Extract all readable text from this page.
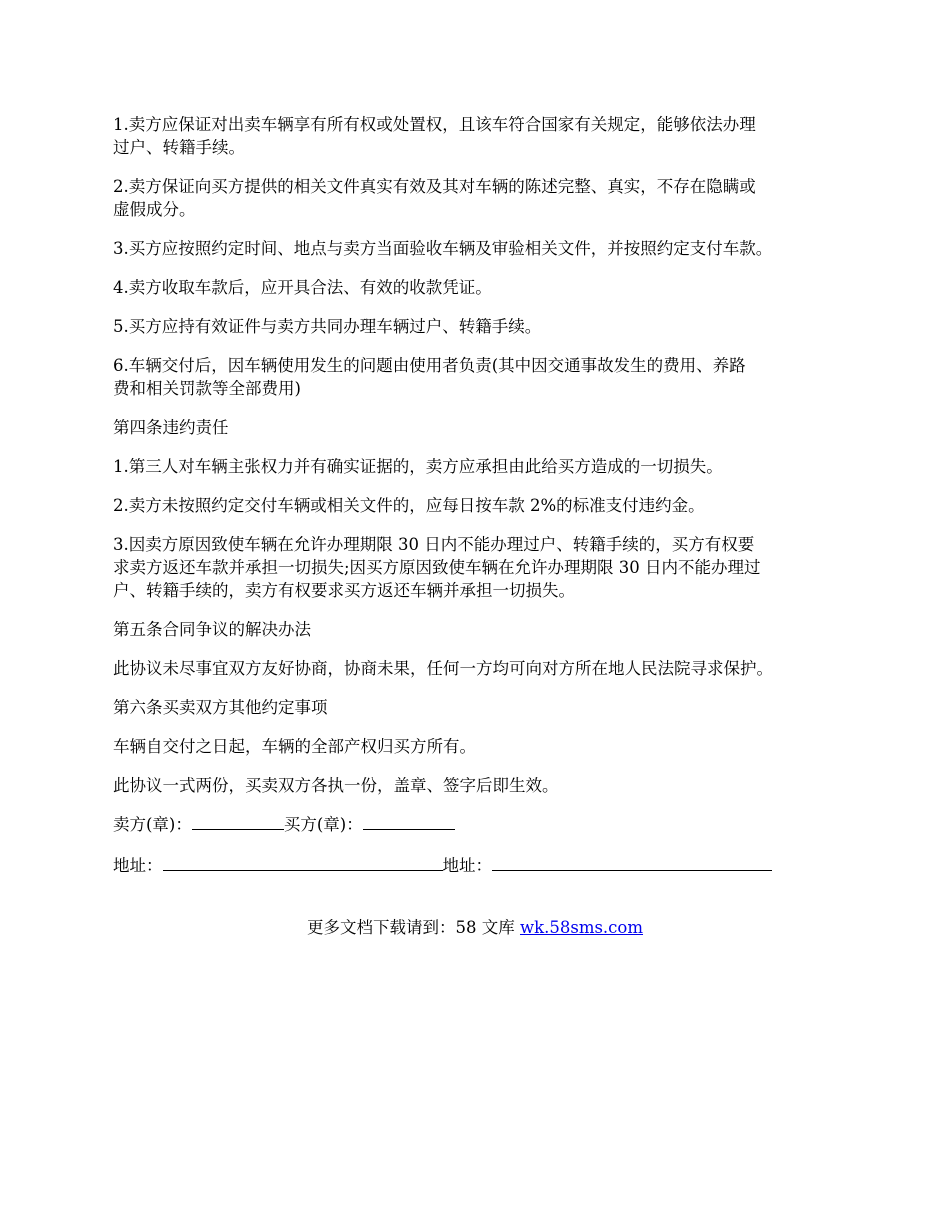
1.卖方应保证对出卖车辆享有所有权或处置权，且该车符合国家有关规定，能够依法办理
过户、转籍手续。
2.卖方保证向买方提供的相关文件真实有效及其对车辆的陈述完整、真实，不存在隐瞒或
虚假成分。
3.买方应按照约定时间、地点与卖方当面验收车辆及审验相关文件，并按照约定支付车款。
4.卖方收取车款后，应开具合法、有效的收款凭证。
5.买方应持有效证件与卖方共同办理车辆过户、转籍手续。
6.车辆交付后，因车辆使用发生的问题由使用者负责(其中因交通事故发生的费用、养路
费和相关罚款等全部费用)
第四条违约责任
1.第三人对车辆主张权力并有确实证据的，卖方应承担由此给买方造成的一切损失。
2.卖方未按照约定交付车辆或相关文件的，应每日按车款 2%的标准支付违约金。
3.因卖方原因致使车辆在允许办理期限 30 日内不能办理过户、转籍手续的，买方有权要
求卖方返还车款并承担一切损失;因买方原因致使车辆在允许办理期限 30 日内不能办理过
户、转籍手续的，卖方有权要求买方返还车辆并承担一切损失。
第五条合同争议的解决办法
此协议未尽事宜双方友好协商，协商未果，任何一方均可向对方所在地人民法院寻求保护。
第六条买卖双方其他约定事项
车辆自交付之日起，车辆的全部产权归买方所有。
此协议一式两份，买卖双方各执一份，盖章、签字后即生效。
卖方(章)：	买方(章)：
地址：	地址：
更多文档下载请到：58 文库 wk.58sms.com
